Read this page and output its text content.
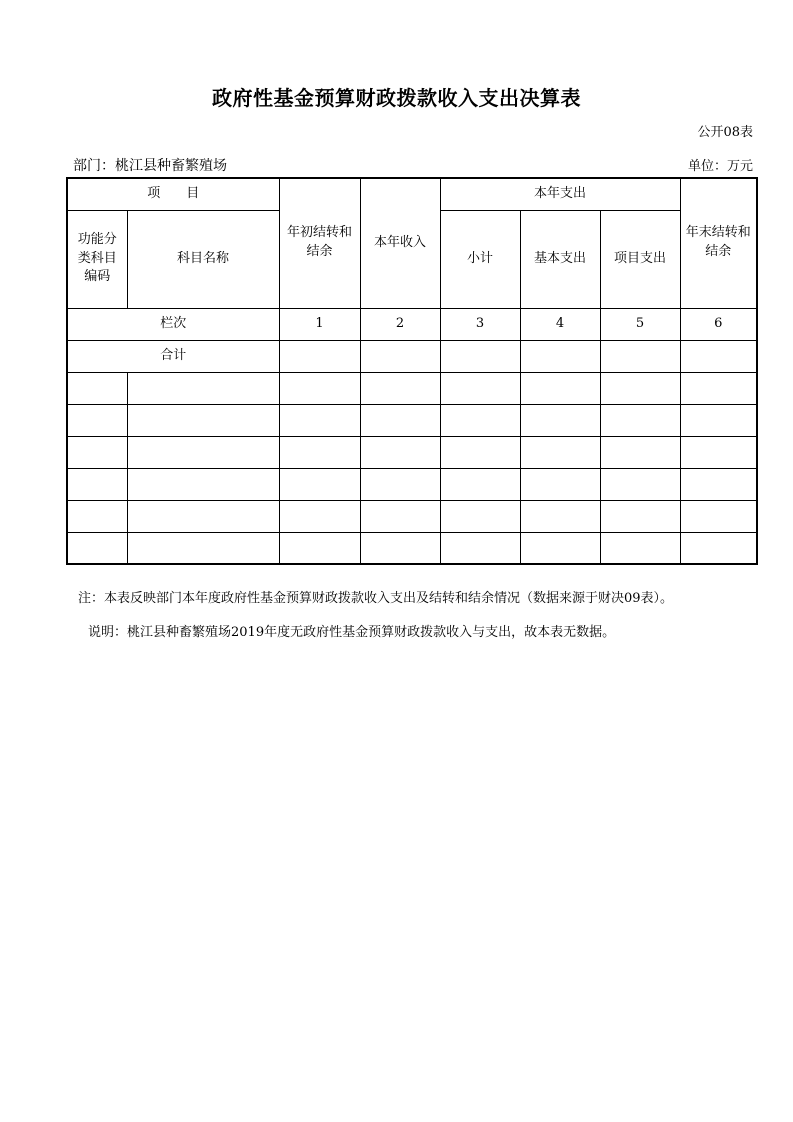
政府性基金预算财政拨款收入支出决算表
公开08表
部门：桃江县种畜繁殖场	单位：万元
项　　目		年初结转和结余	本年收入	本年支出			年末结转和结余
功能分类科目编码	科目名称			小计	基本支出	项目支出	
栏次		1	2	3	4	5	6
合计							

注：本表反映部门本年度政府性基金预算财政拨款收入支出及结转和结余情况（数据来源于财决09表）。
说明：桃江县种畜繁殖场2019年度无政府性基金预算财政拨款收入与支出，故本表无数据。
